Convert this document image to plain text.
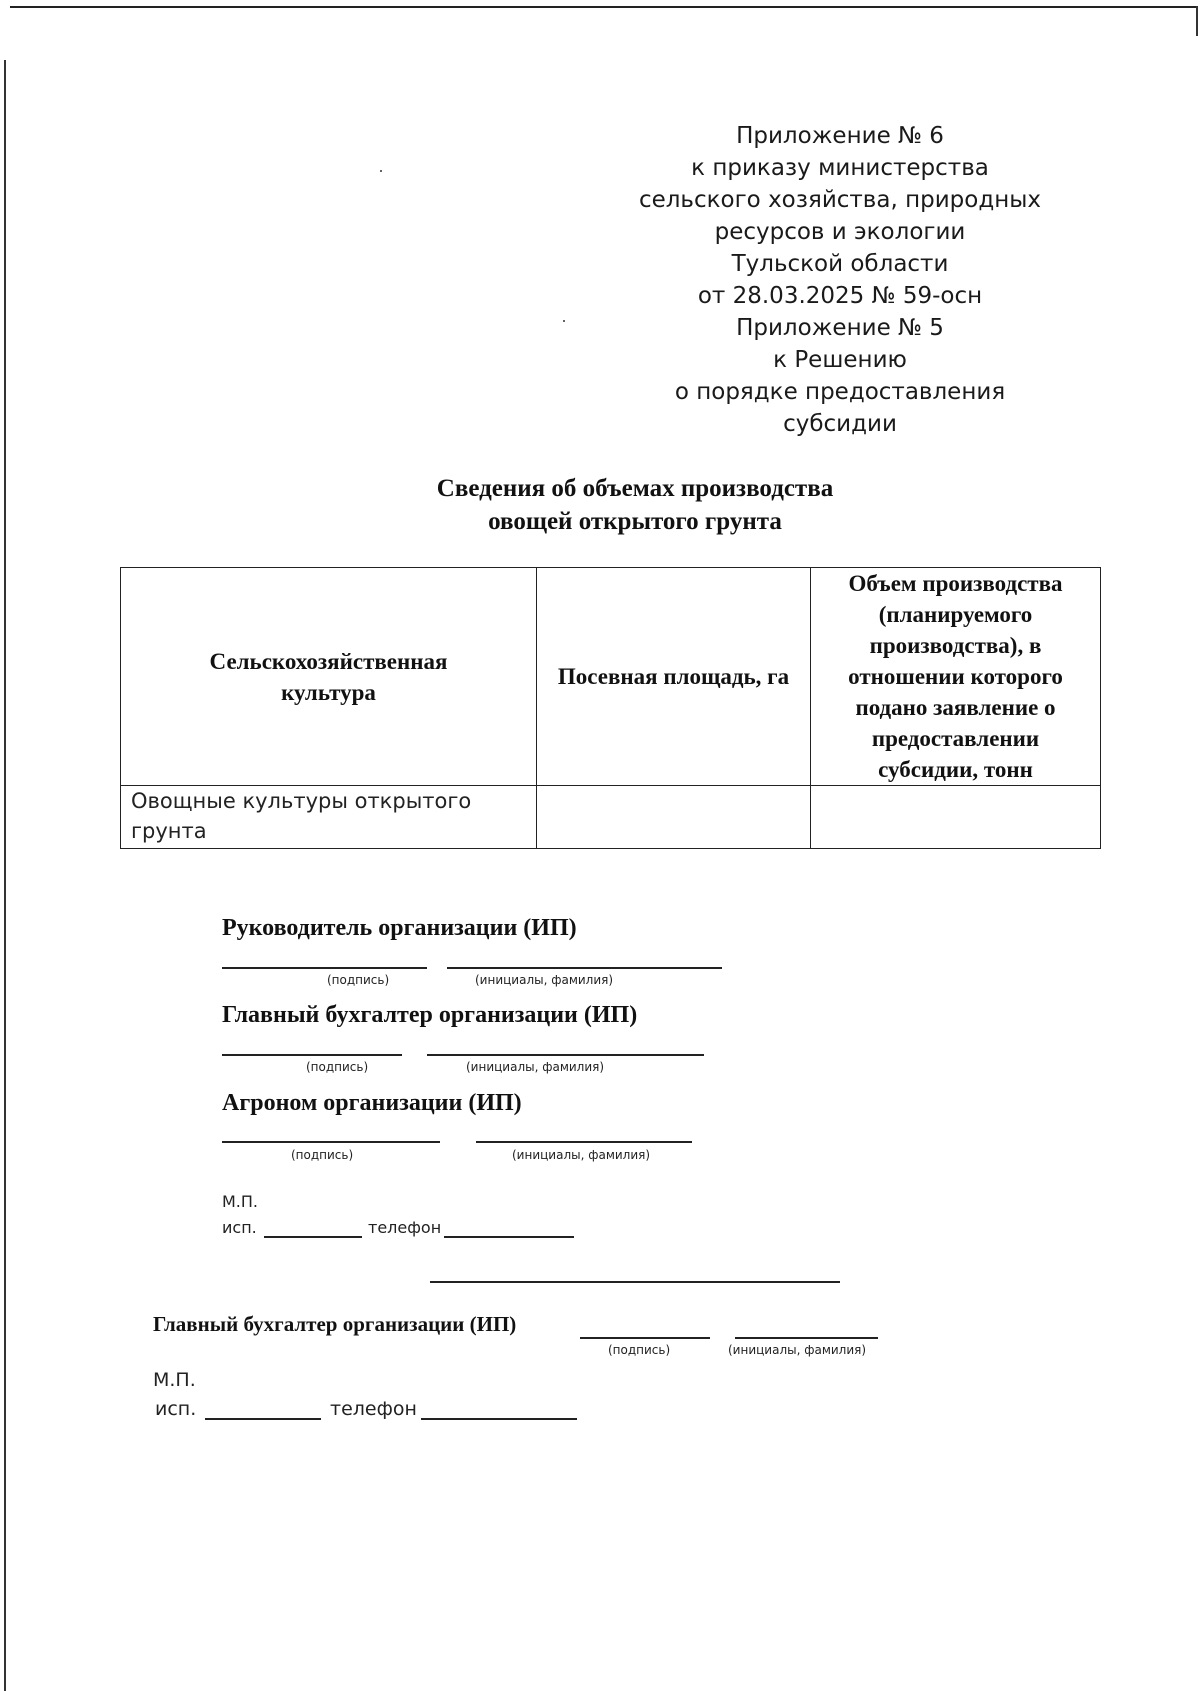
Приложение № 6
к приказу министерства
сельского хозяйства, природных
ресурсов и экологии
Тульской области
от 28.03.2025 № 59-осн
Приложение № 5
к Решению
о порядке предоставления
субсидии
Сведения об объемах производства
овощей открытого грунта
Сельскохозяйственная культура	Посевная площадь, га	Объем производства (планируемого производства), в отношении которого подано заявление о предоставлении субсидии, тонн

Овощные культуры открытого грунта		

Руководитель организации (ИП)
(подпись)	(инициалы, фамилия)
Главный бухгалтер организации (ИП)
(подпись)	(инициалы, фамилия)
Агроном организации (ИП)
(подпись)	(инициалы, фамилия)
М.П.
исп.	телефон
Главный бухгалтер организации (ИП)
(подпись)	(инициалы, фамилия)
М.П.
исп.	телефон
